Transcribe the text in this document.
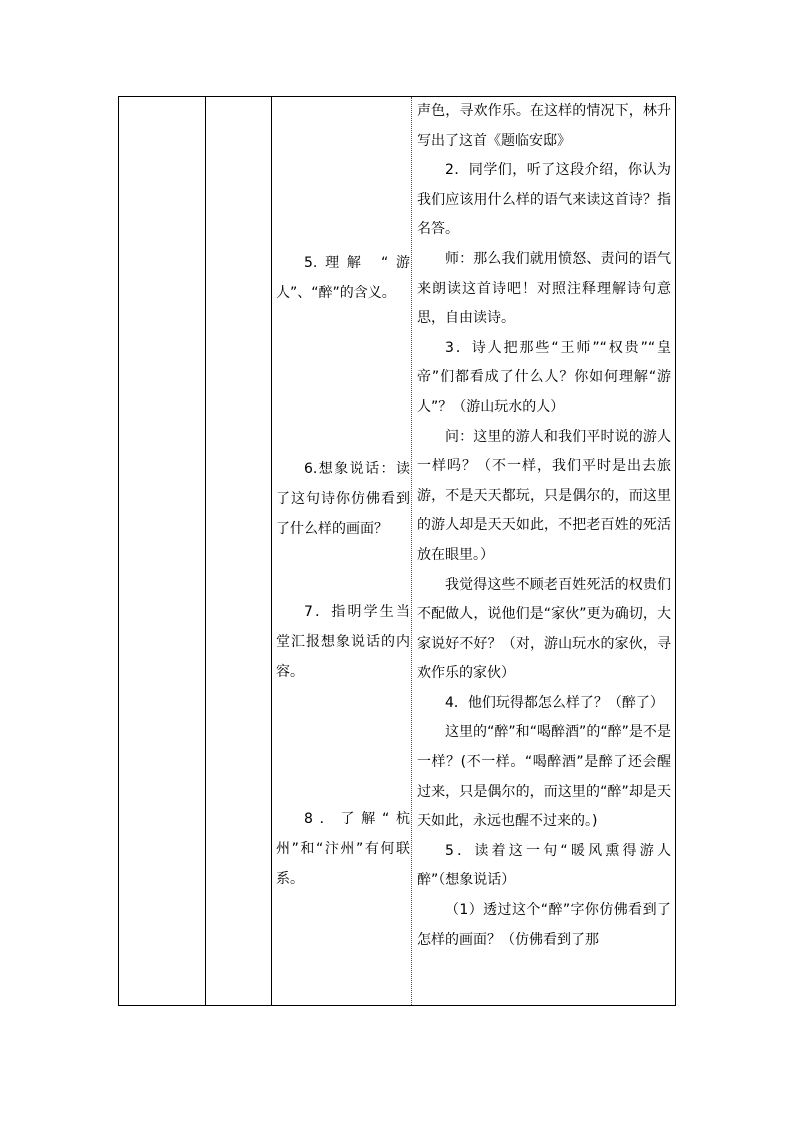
5.理解 “游人”、“醉”的含义。

6.想象说话：读了这句诗你仿佛看到了什么样的画面？

7．指明学生当堂汇报想象说话的内容。

8．了解“杭州”和“汴州”有何联系。

声色，寻欢作乐。在这样的情况下，林升写出了这首《题临安邸》

2．同学们，听了这段介绍，你认为我们应该用什么样的语气来读这首诗？指名答。

师：那么我们就用愤怒、责问的语气来朗读这首诗吧！对照注释理解诗句意思，自由读诗。

3．诗人把那些“王师”“权贵”“皇帝”们都看成了什么人？你如何理解“游人”？（游山玩水的人）

问：这里的游人和我们平时说的游人一样吗？（不一样，我们平时是出去旅游，不是天天都玩，只是偶尔的，而这里的游人却是天天如此，不把老百姓的死活放在眼里。）

我觉得这些不顾老百姓死活的权贵们不配做人，说他们是“家伙”更为确切，大家说好不好？（对，游山玩水的家伙，寻欢作乐的家伙）

4．他们玩得都怎么样了？（醉了）

这里的“醉”和“喝醉酒”的“醉”是不是一样？(不一样。“喝醉酒”是醉了还会醒过来，只是偶尔的，而这里的“醉”却是天天如此，永远也醒不过来的。)

5．读着这一句“暖风熏得游人醉”（想象说话）

（1）透过这个“醉”字你仿佛看到了怎样的画面？（仿佛看到了那
